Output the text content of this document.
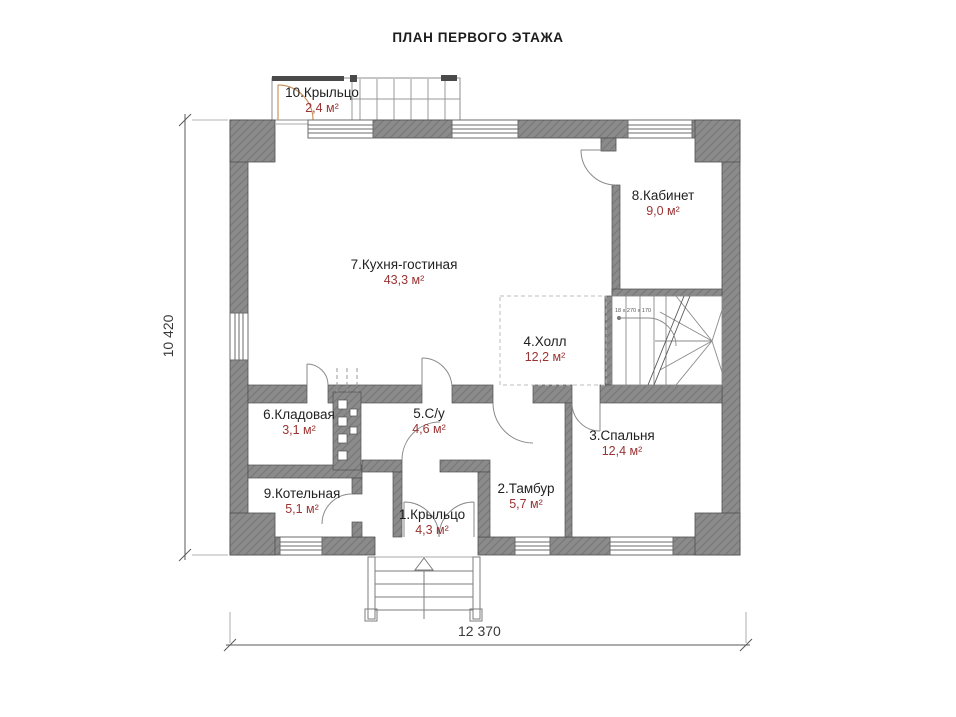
ПЛАН ПЕРВОГО ЭТАЖА
10.Крыльцо
2,4 м²
7.Кухня-гостиная
43,3 м²
8.Кабинет
9,0 м²
4.Холл
12,2 м²
6.Кладовая
3,1 м²
5.С/у
4,6 м²	3.Спальня
12,4 м²
9.Котельная
5,1 м²
2.Тамбур
5,7 м²
1.Крыльцо
4,3 м²
18 x 270 x 170
10 420
12 370
